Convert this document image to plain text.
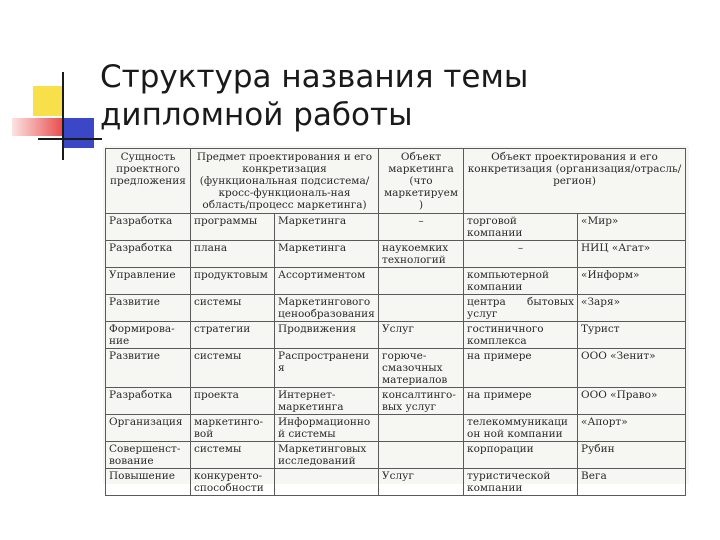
Структура названия темы
дипломной работы
Сущность проектного предложения	Предмет проектирования и его конкретизация (функциональная подсистема/ кросс-функциональ-ная область/процесс маркетинга)		Объект маркетинга (что маркетируем)	Объект проектирования и его конкретизация (организация/отрасль/регион)	
Разработка	программы	Маркетинга	–	торговой компании	«Мир»
Разработка	плана	Маркетинга	наукоемких технологий	–	НИЦ «Агат»
Управление	продуктовым	Ассортиментом		компьютерной компании	«Информ»
Развитие	системы	Маркетингового ценообразования		центра бытовых услуг	«Заря»
Формирова-ние	стратегии	Продвижения	Услуг	гостиничного комплекса	Турист
Развитие	системы	Распространения	горюче-смазочных материалов	на примере	ООО «Зенит»
Разработка	проекта	Интернет-маркетинга	консалтинго-вых услуг	на примере	ООО «Право»
Организация	маркетинго-вой	Информационной системы		телекоммуникацион ной компании	«Апорт»
Совершенст-вование	системы	Маркетинговых исследований		корпорации	Рубин
Повышение	конкуренто-способности		Услуг	туристической компании	Вега
